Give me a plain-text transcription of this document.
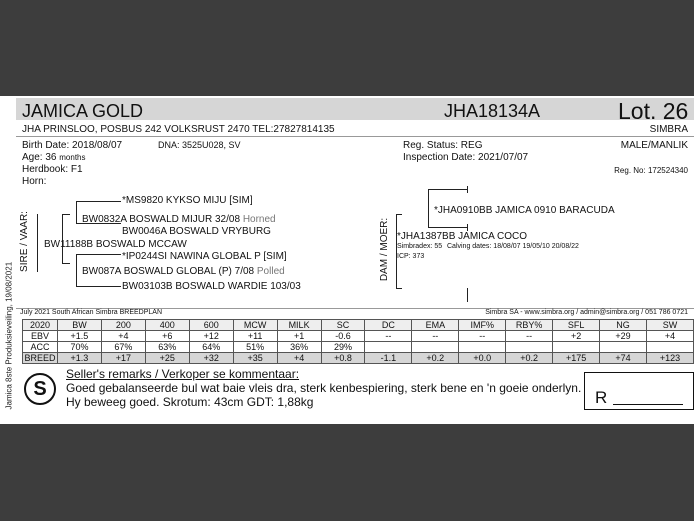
Jamica 8ste Produksieveiling, 19/08/2021
JAMICA GOLD	JHA18134A	Lot. 26
JHA PRINSLOO, POSBUS 242 VOLKSRUST 2470 TEL:27827814135	SIMBRA
Birth Date: 2018/08/07	DNA: 3525U028, SV
Age: 36 months
Herdbook: F1
Horn:
Reg. Status: REG
Inspection Date: 2021/07/07
MALE/MANLIK
Reg. No: 172524340
SIRE / VAAR: BW11188B BOSWALD MCCAW
BW0832A BOSWALD MIJUR 32/08 Horned
*MS9820 KYKSO MIJU [SIM]
BW0046A BOSWALD VRYBURG
BW087A BOSWALD GLOBAL (P) 7/08 Polled
*IP0244SI NAWINA GLOBAL P [SIM]
BW03103B BOSWALD WARDIE 103/03
DAM / MOER:
*JHA0910BB JAMICA 0910 BARACUDA
*JHA1387BB JAMICA COCO
Simbradex: 55 Calving dates: 18/08/07 19/05/10 20/08/22
ICP: 373
July 2021 South African Simbra BREEDPLAN	Simbra SA - www.simbra.org / admin@simbra.org / 051 786 0721
2020	BW	200	400	600	MCW	MILK	SC	DC	EMA	IMF%	RBY%	SFL	NG	SW
EBV	+1.5	+4	+6	+12	+11	+1	-0.6	--	--	--	--	+2	+29	+4
ACC	70%	67%	63%	64%	51%	36%	29%							
BREED	+1.3	+17	+25	+32	+35	+4	+0.8	-1.1	+0.2	+0.0	+0.2	+175	+74	+123
S
Seller's remarks / Verkoper se kommentaar:
Goed gebalanseerde bul wat baie vleis dra, sterk kenbespiering, sterk bene en 'n goeie onderlyn. Hy beweeg goed. Skrotum: 43cm GDT: 1,88kg	R
